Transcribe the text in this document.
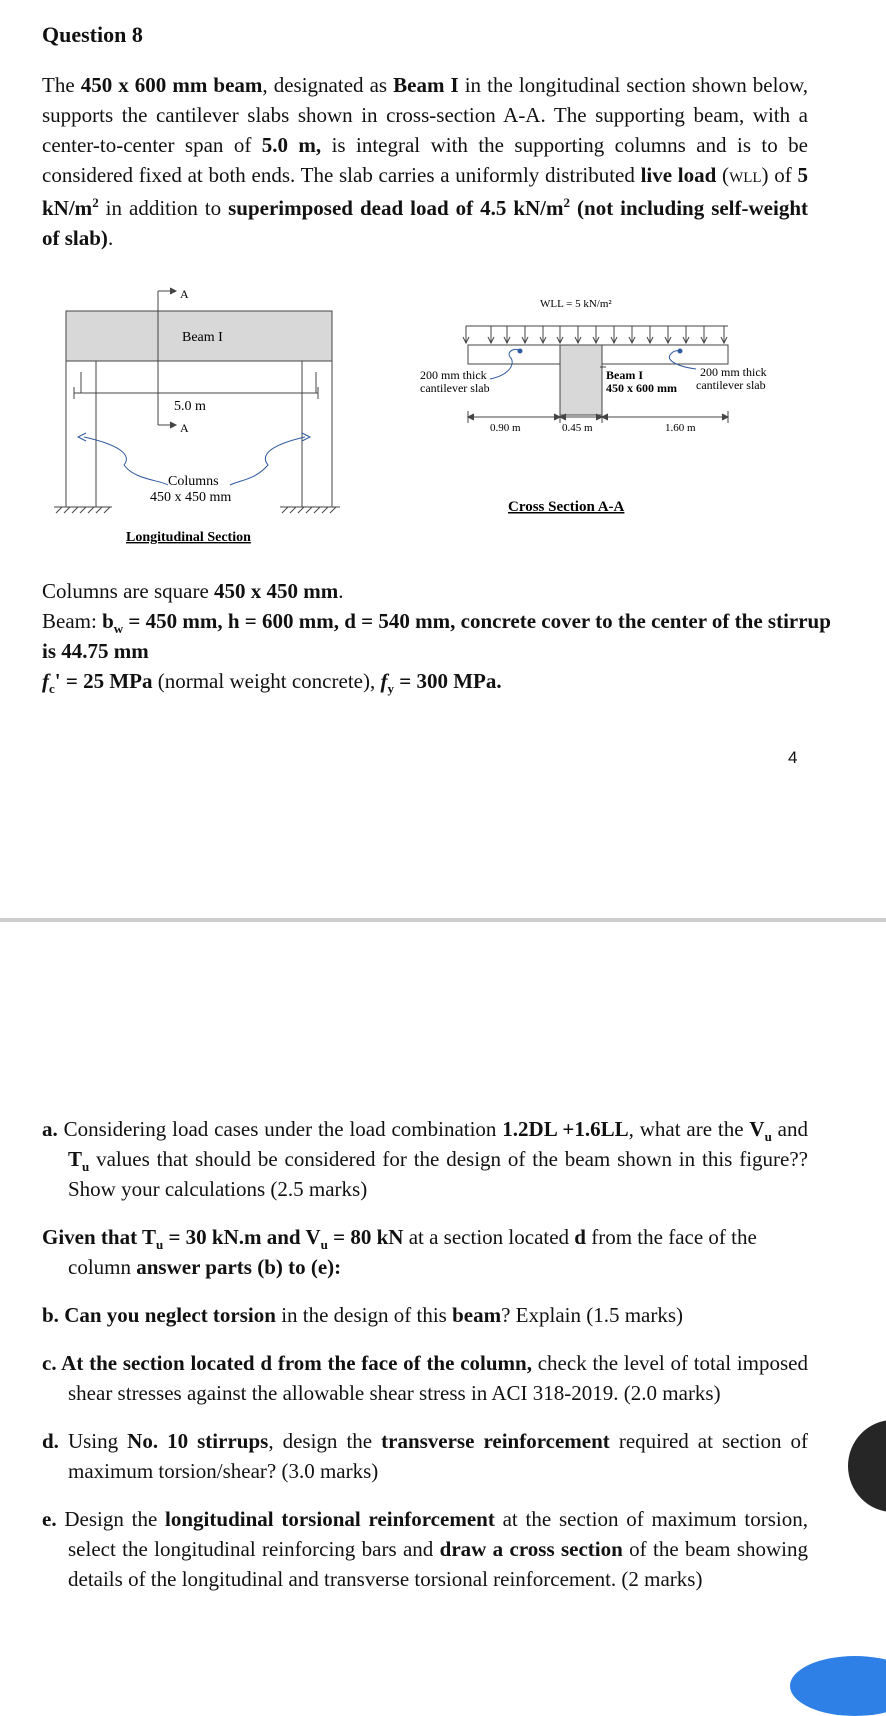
Question 8
The 450 x 600 mm beam, designated as Beam I in the longitudinal section shown below, supports the cantilever slabs shown in cross-section A-A. The supporting beam, with a center-to-center span of 5.0 m, is integral with the supporting columns and is to be considered fixed at both ends. The slab carries a uniformly distributed live load (WLL) of 5 $kN/m^2$ in addition to superimposed dead load of 4.5 $kN/m^2$ (not including self-weight of slab).
A
A
Beam I
5.0 m
Columns
450 x 450 mm
Longitudinal Section
WLL = 5 kN/m²
200 mm thick
cantilever slab
Beam I
450 x 600 mm
200 mm thick
cantilever slab
0.90 m	0.45 m	1.60 m
Cross Section A-A
Columns are square 450 x 450 mm.
Beam: $b_w = 450$ mm, h = 600 mm, d = 540 mm, concrete cover to the center of the stirrup is 44.75 mm
$f_c' = 25$ MPa (normal weight concrete), $f_y = 300$ MPa.
4
a. Considering load cases under the load combination 1.2DL +1.6LL, what are the $V_u$ and $T_u$ values that should be considered for the design of the beam shown in this figure?? Show your calculations (2.5 marks)
Given that $T_u = 30$ kN.m and $V_u = 80$ kN at a section located d from the face of the column answer parts (b) to (e):
b. Can you neglect torsion in the design of this beam? Explain (1.5 marks)
c. At the section located d from the face of the column, check the level of total imposed shear stresses against the allowable shear stress in ACI 318-2019. (2.0 marks)
d. Using No. 10 stirrups, design the transverse reinforcement required at section of maximum torsion/shear? (3.0 marks)
e. Design the longitudinal torsional reinforcement at the section of maximum torsion, select the longitudinal reinforcing bars and draw a cross section of the beam showing details of the longitudinal and transverse torsional reinforcement. (2 marks)
